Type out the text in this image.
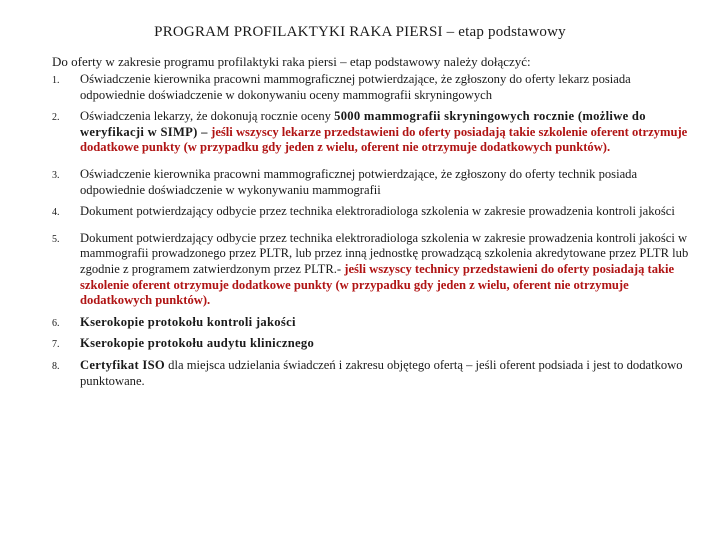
PROGRAM PROFILAKTYKI RAKA PIERSI – etap podstawowy
Do oferty w zakresie programu profilaktyki raka piersi – etap podstawowy należy dołączyć:
1.	Oświadczenie kierownika pracowni mammograficznej potwierdzające, że zgłoszony do oferty lekarz posiada odpowiednie doświadczenie w dokonywaniu oceny mammografii skryningowych
2.	Oświadczenia lekarzy, że dokonują rocznie oceny 5000 mammografii skryningowych rocznie (możliwe do weryfikacji w SIMP) – jeśli wszyscy lekarze przedstawieni do oferty posiadają takie szkolenie oferent otrzymuje dodatkowe punkty (w przypadku gdy jeden z wielu, oferent nie otrzymuje dodatkowych punktów).
3.	Oświadczenie kierownika pracowni mammograficznej potwierdzające, że zgłoszony do oferty technik posiada odpowiednie doświadczenie w wykonywaniu mammografii
4.	Dokument potwierdzający odbycie przez technika elektroradiologa szkolenia w zakresie prowadzenia kontroli jakości
5.	Dokument potwierdzający odbycie przez technika elektroradiologa szkolenia w zakresie prowadzenia kontroli jakości w mammografii prowadzonego przez PLTR, lub przez inną jednostkę prowadzącą szkolenia akredytowane przez PLTR lub zgodnie z programem zatwierdzonym przez PLTR.- jeśli wszyscy technicy przedstawieni do oferty posiadają takie szkolenie oferent otrzymuje dodatkowe punkty (w przypadku gdy jeden z wielu, oferent nie otrzymuje dodatkowych punktów).
6.	Kserokopie protokołu kontroli jakości
7.	Kserokopie protokołu audytu klinicznego
8.	Certyfikat ISO dla miejsca udzielania świadczeń i zakresu objętego ofertą – jeśli oferent podsiada i jest to dodatkowo punktowane.
